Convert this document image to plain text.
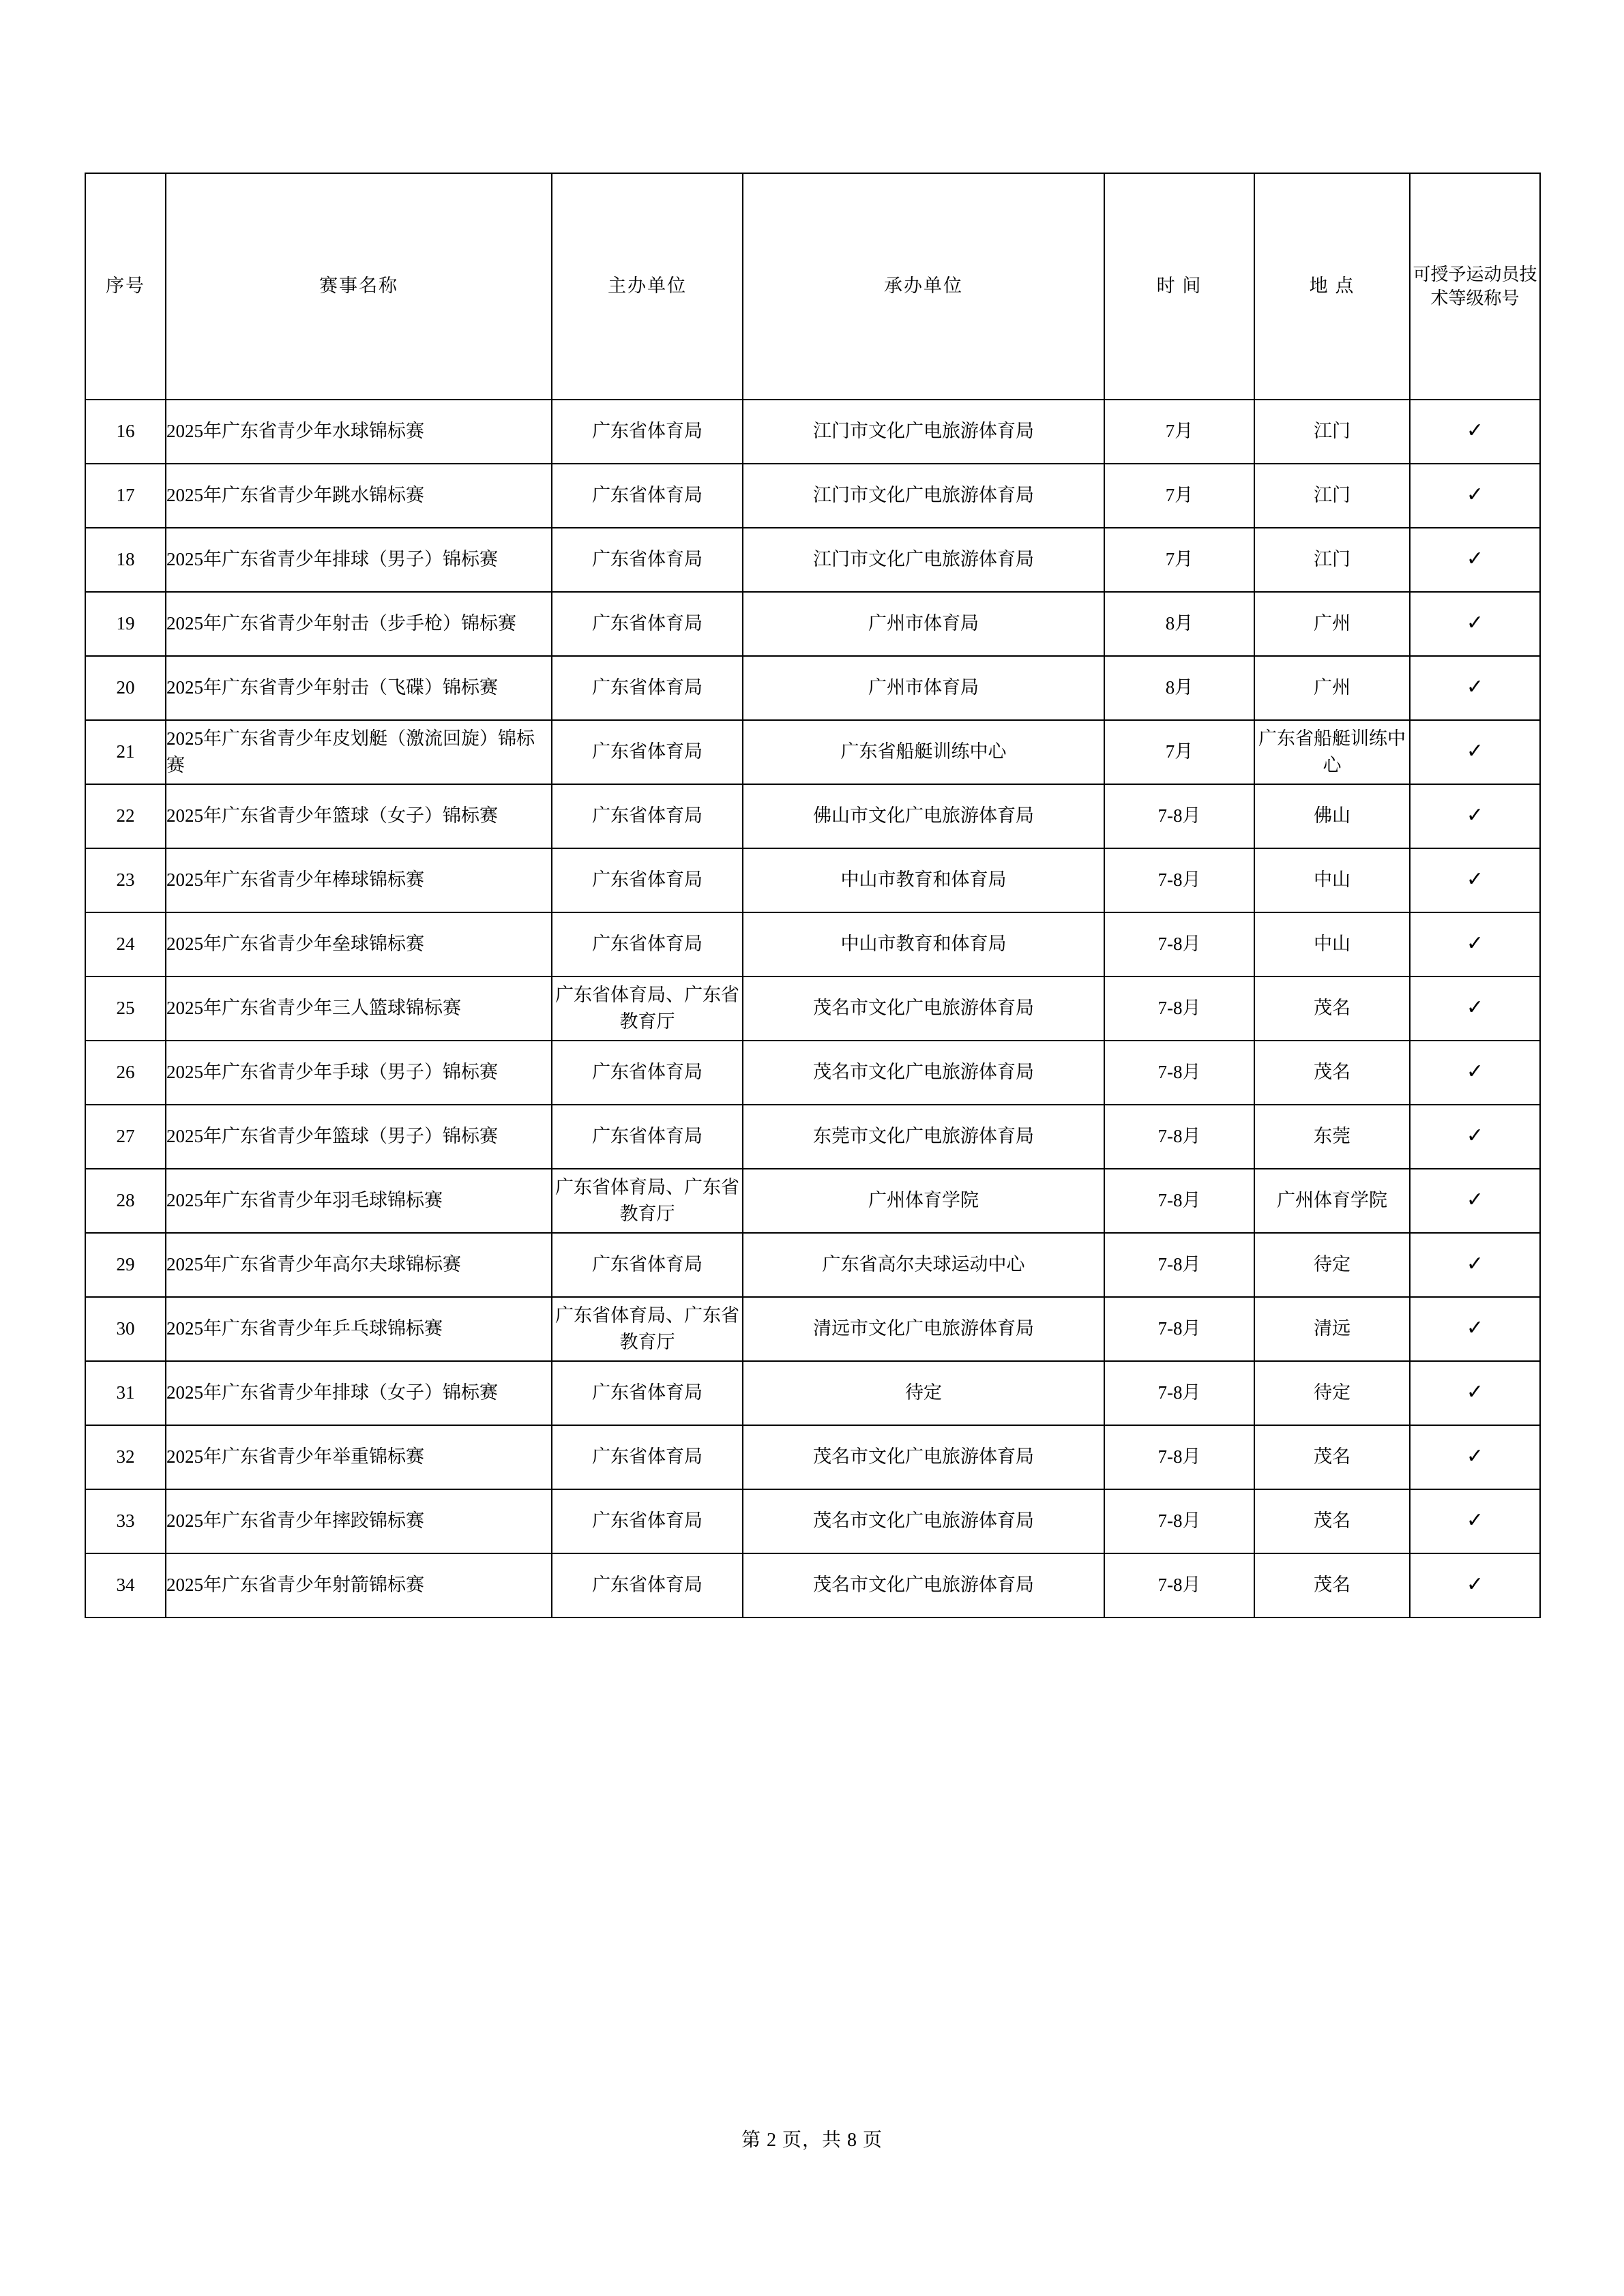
序号	赛事名称	主办单位	承办单位	时 间	地 点	可授予运动员技术等级称号

16	2025年广东省青少年水球锦标赛	广东省体育局	江门市文化广电旅游体育局	7月	江门	✓
17	2025年广东省青少年跳水锦标赛	广东省体育局	江门市文化广电旅游体育局	7月	江门	✓
18	2025年广东省青少年排球（男子）锦标赛	广东省体育局	江门市文化广电旅游体育局	7月	江门	✓
19	2025年广东省青少年射击（步手枪）锦标赛	广东省体育局	广州市体育局	8月	广州	✓
20	2025年广东省青少年射击（飞碟）锦标赛	广东省体育局	广州市体育局	8月	广州	✓
21	2025年广东省青少年皮划艇（激流回旋）锦标赛	广东省体育局	广东省船艇训练中心	7月	广东省船艇训练中心	✓
22	2025年广东省青少年篮球（女子）锦标赛	广东省体育局	佛山市文化广电旅游体育局	7-8月	佛山	✓
23	2025年广东省青少年棒球锦标赛	广东省体育局	中山市教育和体育局	7-8月	中山	✓
24	2025年广东省青少年垒球锦标赛	广东省体育局	中山市教育和体育局	7-8月	中山	✓
25	2025年广东省青少年三人篮球锦标赛	广东省体育局、广东省教育厅	茂名市文化广电旅游体育局	7-8月	茂名	✓
26	2025年广东省青少年手球（男子）锦标赛	广东省体育局	茂名市文化广电旅游体育局	7-8月	茂名	✓
27	2025年广东省青少年篮球（男子）锦标赛	广东省体育局	东莞市文化广电旅游体育局	7-8月	东莞	✓
28	2025年广东省青少年羽毛球锦标赛	广东省体育局、广东省教育厅	广州体育学院	7-8月	广州体育学院	✓
29	2025年广东省青少年高尔夫球锦标赛	广东省体育局	广东省高尔夫球运动中心	7-8月	待定	✓
30	2025年广东省青少年乒乓球锦标赛	广东省体育局、广东省教育厅	清远市文化广电旅游体育局	7-8月	清远	✓
31	2025年广东省青少年排球（女子）锦标赛	广东省体育局	待定	7-8月	待定	✓
32	2025年广东省青少年举重锦标赛	广东省体育局	茂名市文化广电旅游体育局	7-8月	茂名	✓
33	2025年广东省青少年摔跤锦标赛	广东省体育局	茂名市文化广电旅游体育局	7-8月	茂名	✓
34	2025年广东省青少年射箭锦标赛	广东省体育局	茂名市文化广电旅游体育局	7-8月	茂名	✓
第 2 页，共 8 页
